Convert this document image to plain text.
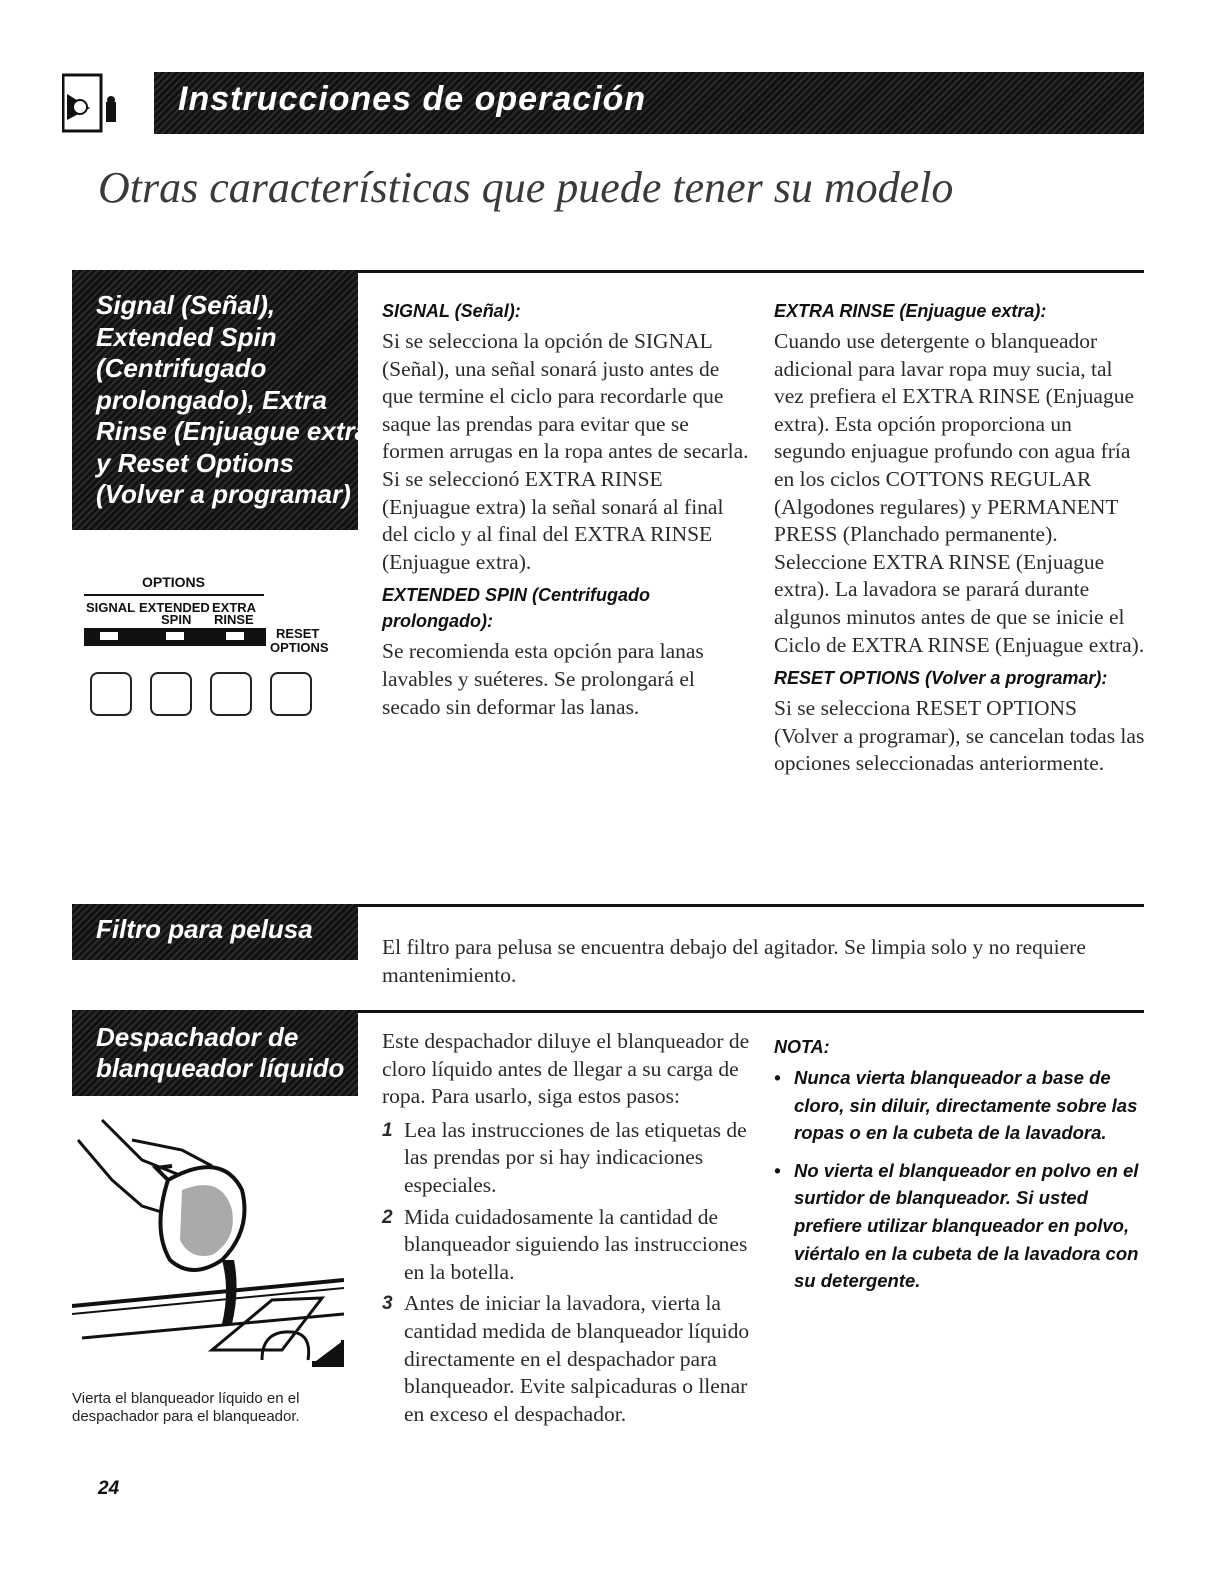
Instrucciones de operación
Otras características que puede tener su modelo
Signal (Señal),
Extended Spin
(Centrifugado
prolongado), Extra
Rinse (Enjuague extra)
y Reset Options
(Volver a programar)
OPTIONS
SIGNAL EXTENDED EXTRA
SPIN RINSE
RESET
OPTIONS
SIGNAL (Señal):

Si se selecciona la opción de SIGNAL (Señal), una señal sonará justo antes de que termine el ciclo para recordarle que saque las prendas para evitar que se formen arrugas en la ropa antes de secarla. Si se seleccionó EXTRA RINSE (Enjuague extra) la señal sonará al final del ciclo y al final del EXTRA RINSE (Enjuague extra).

EXTENDED SPIN (Centrifugado prolongado):

Se recomienda esta opción para lanas lavables y suéteres. Se prolongará el secado sin deformar las lanas.

EXTRA RINSE (Enjuague extra):

Cuando use detergente o blanqueador adicional para lavar ropa muy sucia, tal vez prefiera el EXTRA RINSE (Enjuague extra). Esta opción proporciona un segundo enjuague profundo con agua fría en los ciclos COTTONS REGULAR (Algodones regulares) y PERMANENT PRESS (Planchado permanente). Seleccione EXTRA RINSE (Enjuague extra). La lavadora se parará durante algunos minutos antes de que se inicie el Ciclo de EXTRA RINSE (Enjuague extra).

RESET OPTIONS (Volver a programar):

Si se selecciona RESET OPTIONS (Volver a programar), se cancelan todas las opciones seleccionadas anteriormente.

Filtro para pelusa
El filtro para pelusa se encuentra debajo del agitador. Se limpia solo y no requiere mantenimiento.
Despachador de
blanqueador líquido
Vierta el blanqueador líquido en el despachador para el blanqueador.
24

Este despachador diluye el blanqueador de cloro líquido antes de llegar a su carga de ropa. Para usarlo, siga estos pasos:

1 Lea las instrucciones de las etiquetas de las prendas por si hay indicaciones especiales.
2 Mida cuidadosamente la cantidad de blanqueador siguiendo las instrucciones en la botella.
3 Antes de iniciar la lavadora, vierta la cantidad medida de blanqueador líquido directamente en el despachador para blanqueador. Evite salpicaduras o llenar en exceso el despachador.
NOTA:
• Nunca vierta blanqueador a base de cloro, sin diluir, directamente sobre las ropas o en la cubeta de la lavadora.
• No vierta el blanqueador en polvo en el surtidor de blanqueador. Si usted prefiere utilizar blanqueador en polvo, viértalo en la cubeta de la lavadora con su detergente.
